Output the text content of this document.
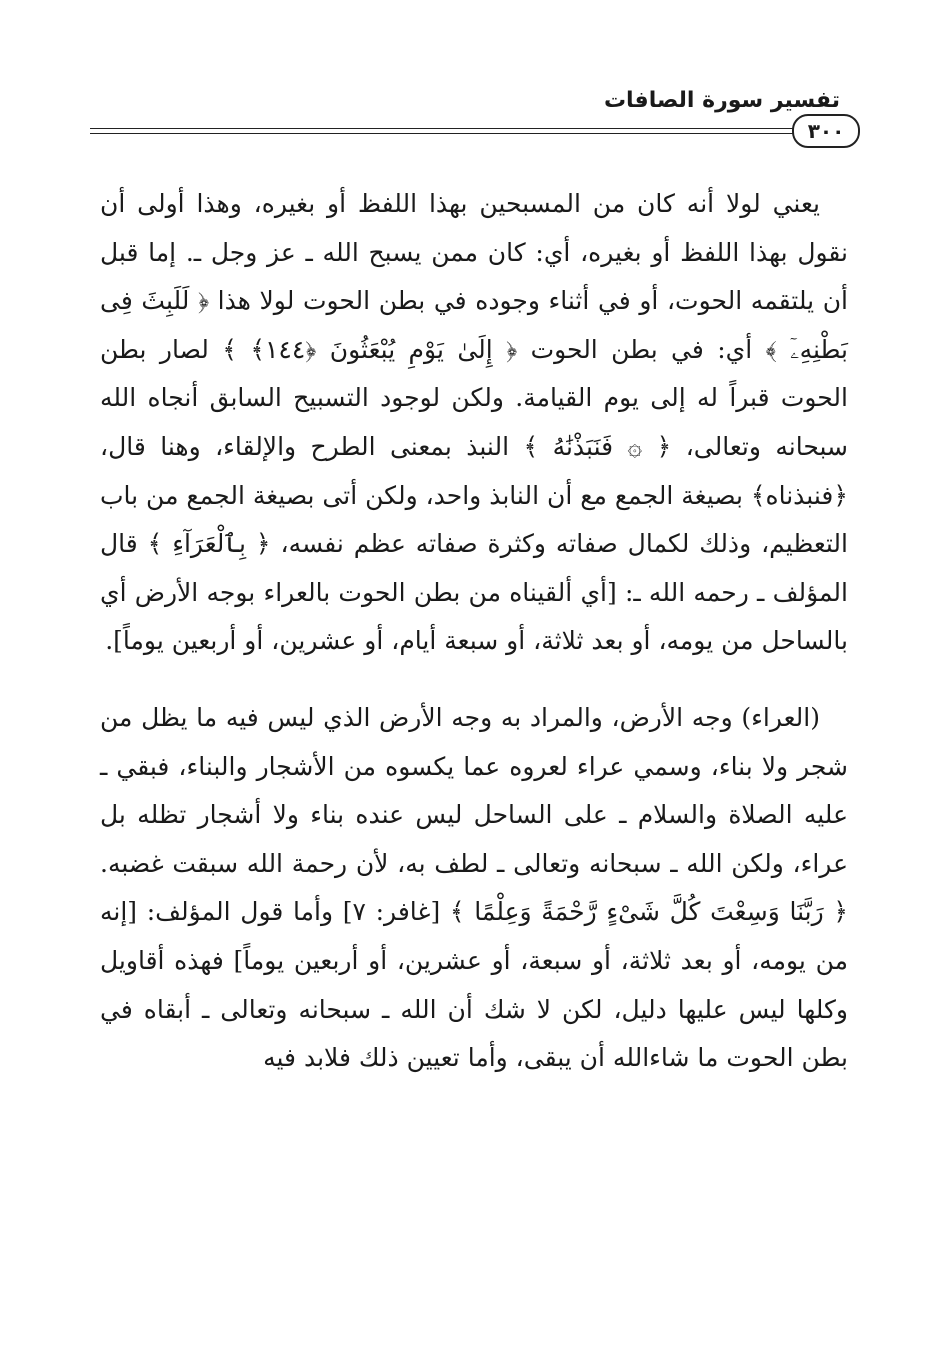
تفسير سورة الصافات
٣٠٠

يعني لولا أنه كان من المسبحين بهذا اللفظ أو بغيره، وهذا أولى أن نقول بهذا اللفظ أو بغيره، أي: كان ممن يسبح الله ـ عز وجل ـ. إما قبل أن يلتقمه الحوت، أو في أثناء وجوده في بطن الحوت لولا هذا ﴿ لَلَبِثَ فِى بَطْنِهِۦٓ ﴾ أي: في بطن الحوت ﴿ إِلَىٰ يَوْمِ يُبْعَثُونَ ﴿١٤٤﴾ ﴾ لصار بطن الحوت قبراً له إلى يوم القيامة. ولكن لوجود التسبيح السابق أنجاه الله سبحانه وتعالى، ﴿ ۞ فَنَبَذْنَٰهُ ﴾ النبذ بمعنى الطرح والإلقاء، وهنا قال، ﴿فنبذناه﴾ بصيغة الجمع مع أن النابذ واحد، ولكن أتى بصيغة الجمع من باب التعظيم، وذلك لكمال صفاته وكثرة صفاته عظم نفسه، ﴿ بِٱلْعَرَآءِ ﴾ قال المؤلف ـ رحمه الله ـ: [أي ألقيناه من بطن الحوت بالعراء بوجه الأرض أي بالساحل من يومه، أو بعد ثلاثة، أو سبعة أيام، أو عشرين، أو أربعين يوماً].

(العراء) وجه الأرض، والمراد به وجه الأرض الذي ليس فيه ما يظل من شجر ولا بناء، وسمي عراء لعروه عما يكسوه من الأشجار والبناء، فبقي ـ عليه الصلاة والسلام ـ على الساحل ليس عنده بناء ولا أشجار تظله بل عراء، ولكن الله ـ سبحانه وتعالى ـ لطف به، لأن رحمة الله سبقت غضبه. ﴿ رَبَّنَا وَسِعْتَ كُلَّ شَىْءٍ رَّحْمَةً وَعِلْمًا ﴾ [غافر: ٧] وأما قول المؤلف: [إنه من يومه، أو بعد ثلاثة، أو سبعة، أو عشرين، أو أربعين يوماً] فهذه أقاويل وكلها ليس عليها دليل، لكن لا شك أن الله ـ سبحانه وتعالى ـ أبقاه في بطن الحوت ما شاءالله أن يبقى، وأما تعيين ذلك فلابد فيه
